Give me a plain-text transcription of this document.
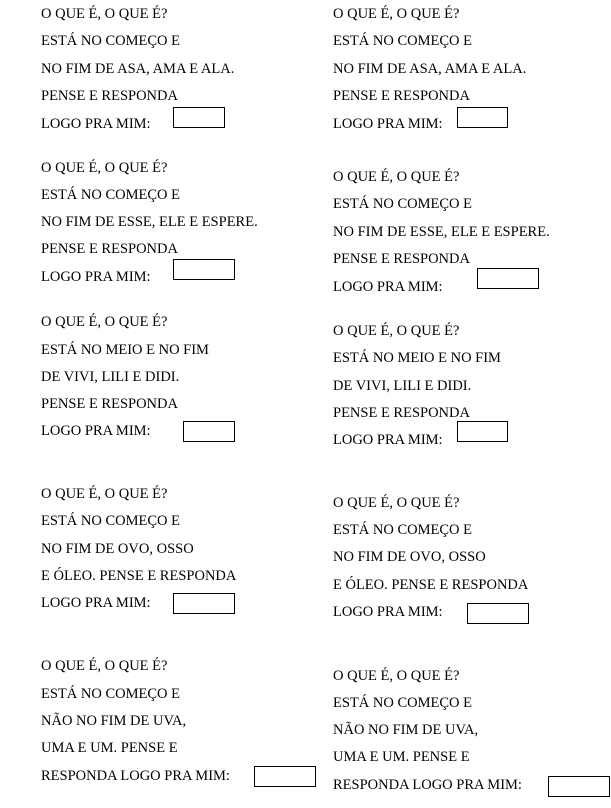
O QUE É, O QUE É?
ESTÁ NO COMEÇO E
NO FIM DE ASA, AMA E ALA.
PENSE E RESPONDA
LOGO PRA MIM:
O QUE É, O QUE É?
ESTÁ NO COMEÇO E
NO FIM DE ASA, AMA E ALA.
PENSE E RESPONDA
LOGO PRA MIM:
O QUE É, O QUE É?
ESTÁ NO COMEÇO E
NO FIM DE ESSE, ELE E ESPERE.
PENSE E RESPONDA
LOGO PRA MIM:
O QUE É, O QUE É?
ESTÁ NO COMEÇO E
NO FIM DE ESSE, ELE E ESPERE.
PENSE E RESPONDA
LOGO PRA MIM:
O QUE É, O QUE É?
ESTÁ NO MEIO E NO FIM
DE VIVI, LILI E DIDI.
PENSE E RESPONDA
LOGO PRA MIM:
O QUE É, O QUE É?
ESTÁ NO MEIO E NO FIM
DE VIVI, LILI E DIDI.
PENSE E RESPONDA
LOGO PRA MIM:
O QUE É, O QUE É?
ESTÁ NO COMEÇO E
NO FIM DE OVO, OSSO
E ÓLEO. PENSE E RESPONDA
LOGO PRA MIM:
O QUE É, O QUE É?
ESTÁ NO COMEÇO E
NO FIM DE OVO, OSSO
E ÓLEO. PENSE E RESPONDA
LOGO PRA MIM:
O QUE É, O QUE É?
ESTÁ NO COMEÇO E
NÃO NO FIM DE UVA,
UMA E UM. PENSE E
RESPONDA LOGO PRA MIM:
O QUE É, O QUE É?
ESTÁ NO COMEÇO E
NÃO NO FIM DE UVA,
UMA E UM. PENSE E
RESPONDA LOGO PRA MIM:
